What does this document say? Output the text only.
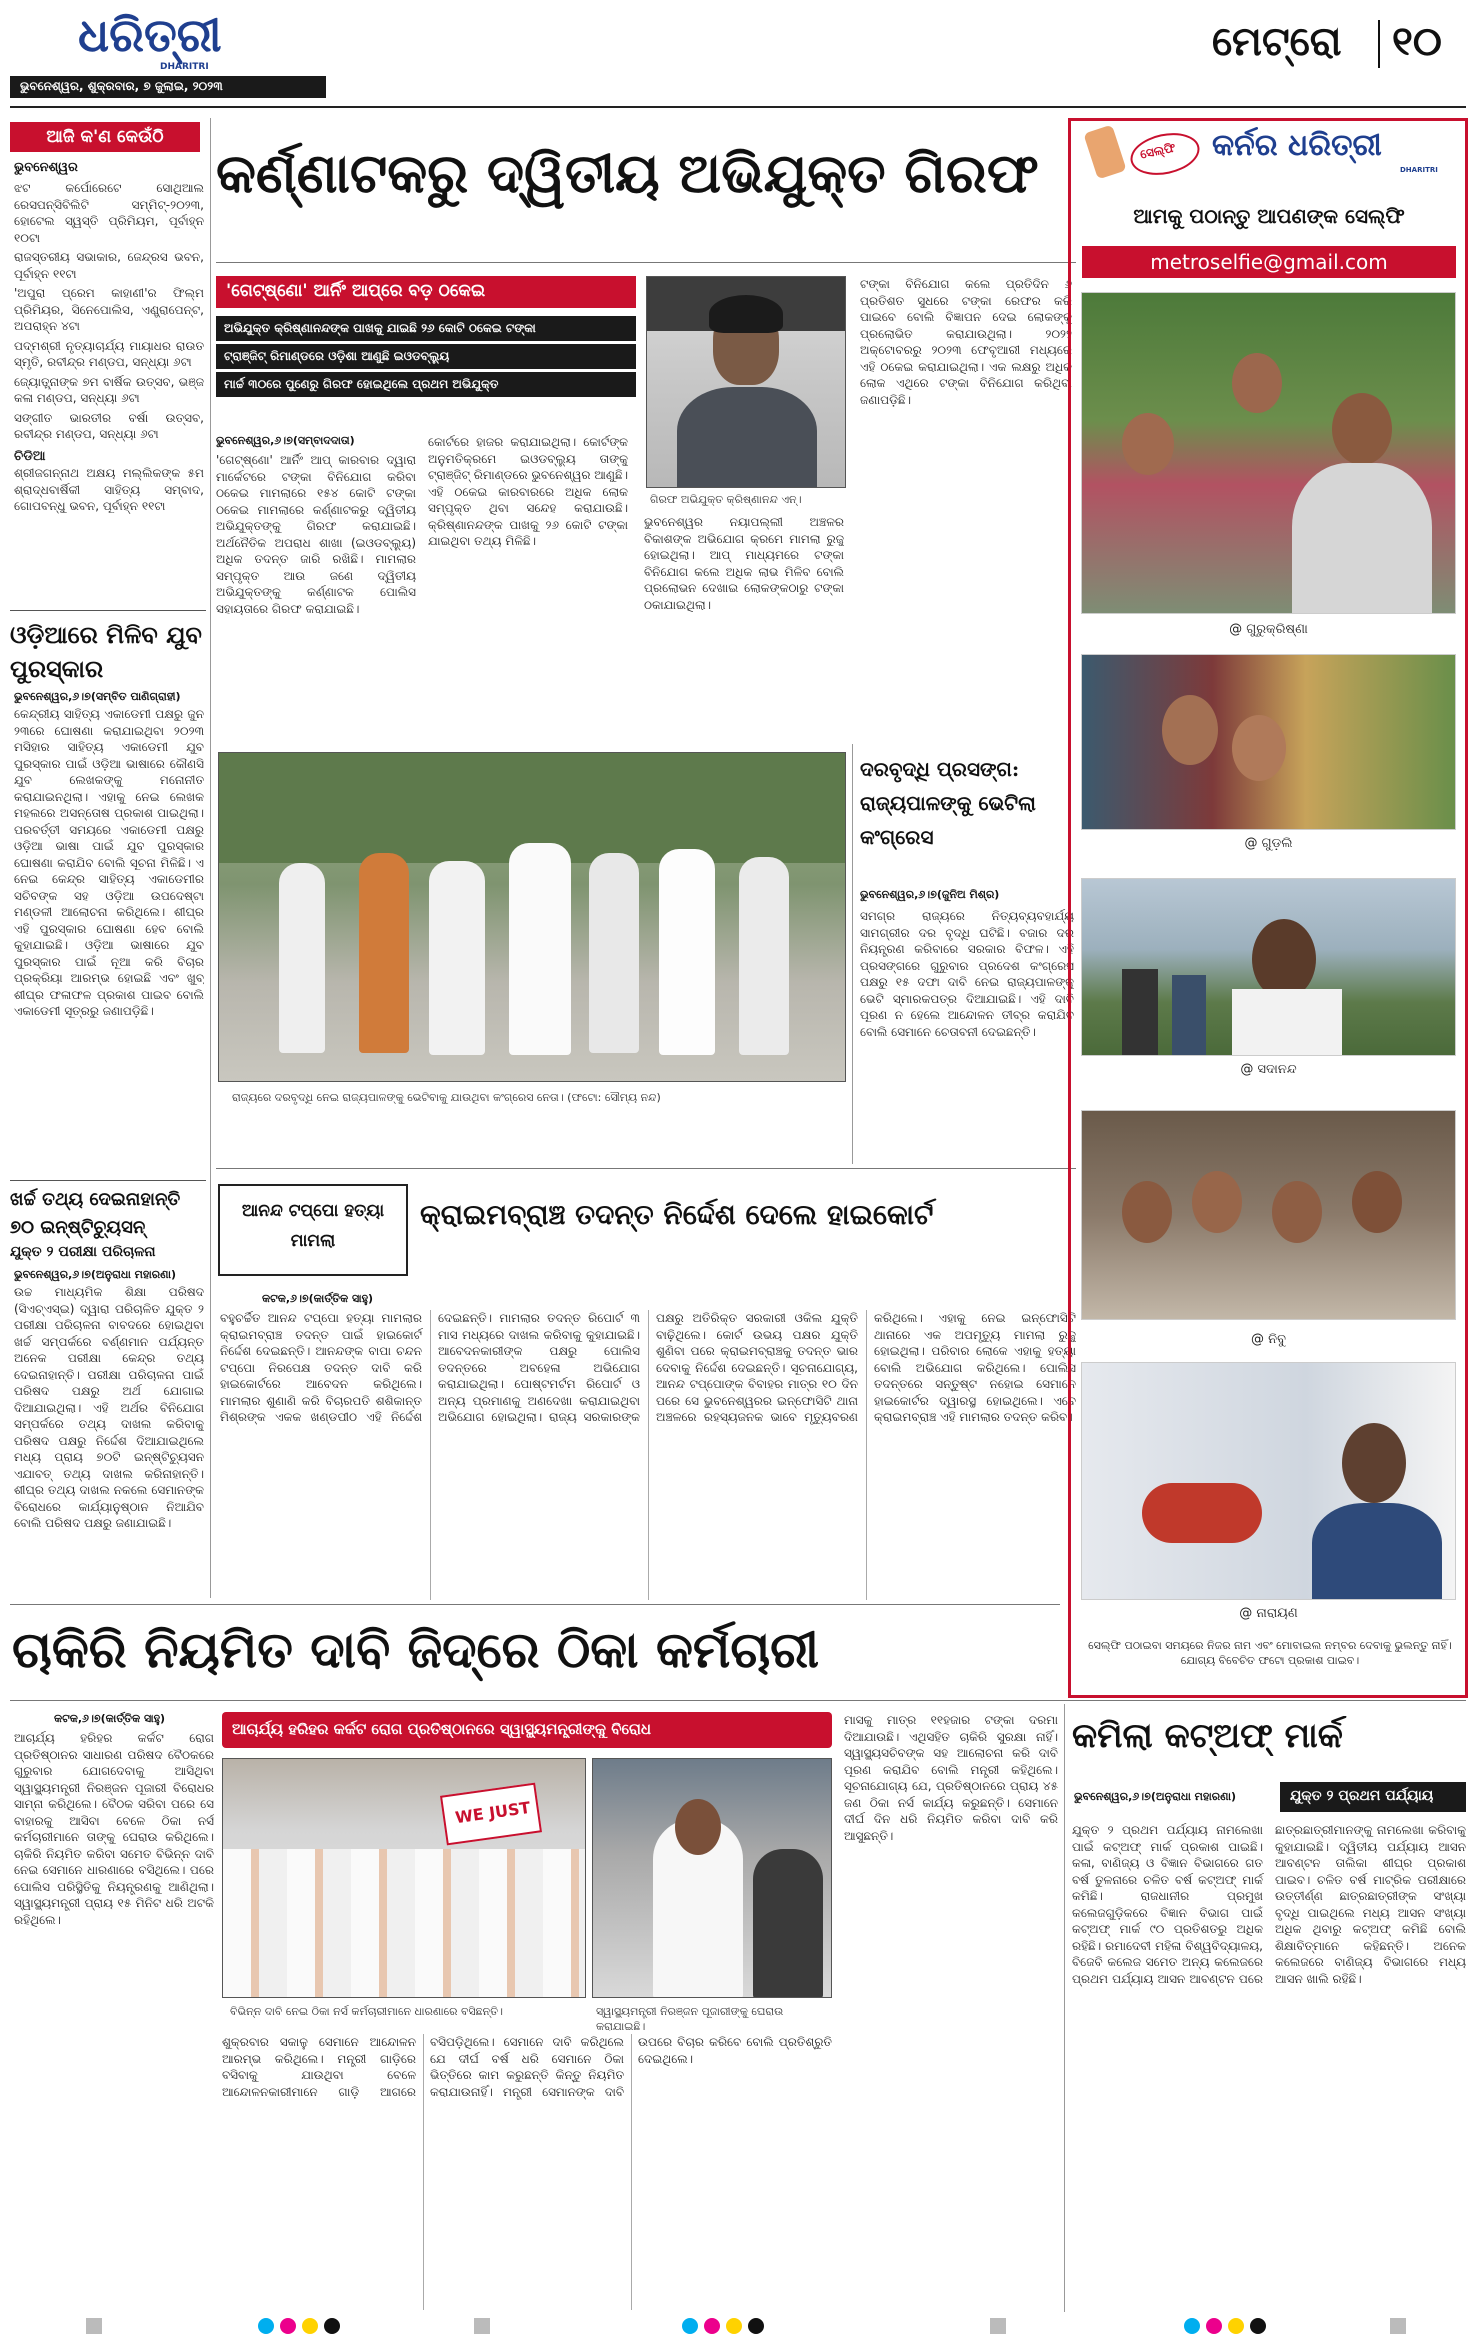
ଧରିତ୍ରୀ
DHARITRI
ଭୁବନେଶ୍ୱର, ଶୁକ୍ରବାର, ୭ ଜୁଲାଇ, ୨୦୨୩
ମେଟ୍ରୋ ୧୦
ଆଜି କ'ଣ କେଉଁଠି
ଭୁବନେଶ୍ୱର
ଝଟ କର୍ପୋରେଟେ ସୋଥିଆଲ ରେସପନ୍ସିବିଲିଟି ସମ୍ମିଟ୍‌-୨୦୨୩, ହୋଟେଲ ସ୍ୱସ୍ତି ପ୍ରିମିୟମ, ପୂର୍ବାହ୍ନ ୧୦ଟା
ରାଜସ୍ତରୀୟ ସଭାକାର, ଜେନ୍ଦ୍ରସ ଭବନ, ପୂର୍ବାହ୍ନ ୧୧ଟା
'ଅପୁରା ପ୍ରେମ କାହାଣୀ'ର ଫିଲ୍ମ ପ୍ରିମିୟର, ସିନେପୋଲିସ, ଏଣ୍ଡ୍ରାପେନ୍ଟ, ଅପରାହ୍ନ ୪ଟା
ପଦ୍ମଶ୍ରୀ ନୃତ୍ୟାଚାର୍ଯ୍ୟ ମାୟାଧର ରାଉତ ସ୍ମୃତି, ରବୀନ୍ଦ୍ର ମଣ୍ଡପ, ସନ୍ଧ୍ୟା ୬ଟା
ଜ୍ୟୋତ୍ସ୍ନାଙ୍କ ୭ମ ବାର୍ଷିକ ଉତ୍ସବ, ଭଞ୍ଜ କଳା ମଣ୍ଡପ, ସନ୍ଧ୍ୟା ୬ଟା
ସଙ୍ଗୀତ ଭାରତୀର ବର୍ଷା ଉତ୍ସବ, ରବୀନ୍ଦ୍ର ମଣ୍ଡପ, ସନ୍ଧ୍ୟା ୬ଟା
ଚିଡିଆ
ଶ୍ରୀଜଗନ୍ନାଥ ଅକ୍ଷୟ ମଲ୍ଲିକଙ୍କ ୫ମ ଶ୍ରାଦ୍ଧବାର୍ଷିକୀ ସାହିତ୍ୟ ସମ୍ବାଦ, ଗୋପବନ୍ଧୁ ଭବନ, ପୂର୍ବାହ୍ନ ୧୧ଟା
ଓଡ଼ିଆରେ ମିଳିବ ଯୁବ ପୁରସ୍କାର
ଭୁବନେଶ୍ୱର,୬।୭(ସମ୍ବିତ ପାଣିଗ୍ରାହୀ)
କେନ୍ଦ୍ରୀୟ ସାହିତ୍ୟ ଏକାଡେମୀ ପକ୍ଷରୁ ଜୁନ ୨୩ରେ ଘୋଷଣା କରାଯାଇଥିବା ୨୦୨୩ ମସିହାର ସାହିତ୍ୟ ଏକାଡେମୀ ଯୁବ ପୁରସ୍କାର ପାଇଁ ଓଡ଼ିଆ ଭାଷାରେ କୌଣସି ଯୁବ ଲେଖକଙ୍କୁ ମନୋନୀତ କରାଯାଇନଥିଲା। ଏହାକୁ ନେଇ ଲେଖକ ମହଲରେ ଅସନ୍ତୋଷ ପ୍ରକାଶ ପାଇଥିଲା। ପରବର୍ତ୍ତୀ ସମୟରେ ଏକାଡେମୀ ପକ୍ଷରୁ ଓଡ଼ିଆ ଭାଷା ପାଇଁ ଯୁବ ପୁରସ୍କାର ଘୋଷଣା କରାଯିବ ବୋଲି ସୂଚନା ମିଳିଛି। ଏ ନେଇ କେନ୍ଦ୍ର ସାହିତ୍ୟ ଏକାଡେମୀର ସଚିବଙ୍କ ସହ ଓଡ଼ିଆ ଉପଦେଷ୍ଟା ମଣ୍ଡଳୀ ଆଲୋଚନା କରିଥିଲେ। ଶୀଘ୍ର ଏହି ପୁରସ୍କାର ଘୋଷଣା ହେବ ବୋଲି କୁହାଯାଇଛି। ଓଡ଼ିଆ ଭାଷାରେ ଯୁବ ପୁରସ୍କାର ପାଇଁ ନୂଆ କରି ବିଚାର ପ୍ରକ୍ରିୟା ଆରମ୍ଭ ହୋଇଛି ଏବଂ ଖୁବ୍ ଶୀଘ୍ର ଫଳାଫଳ ପ୍ରକାଶ ପାଇବ ବୋଲି ଏକାଡେମୀ ସୂତ୍ରରୁ ଜଣାପଡ଼ିଛି।
ଖର୍ଚ୍ଚ ତଥ୍ୟ ଦେଇନାହାନ୍ତି ୭୦ ଇନ୍‌ଷ୍ଟିଚ୍ୟୁସନ୍
ଯୁକ୍ତ ୨ ପରୀକ୍ଷା ପରିଚାଳନା
ଭୁବନେଶ୍ୱର,୬।୭(ଅନୁରାଧା ମହାରଣା)
ଉଚ୍ଚ ମାଧ୍ୟମିକ ଶିକ୍ଷା ପରିଷଦ (ସିଏଚ୍‌ଏସ୍‌ଇ) ଦ୍ୱାରା ପରିଚାଳିତ ଯୁକ୍ତ ୨ ପରୀକ୍ଷା ପରିଚାଳନା ବାବଦରେ ହୋଇଥିବା ଖର୍ଚ୍ଚ ସମ୍ପର୍କରେ ବର୍ଣ୍ଣମାନ ପର୍ଯ୍ୟନ୍ତ ଅନେକ ପରୀକ୍ଷା କେନ୍ଦ୍ର ତଥ୍ୟ ଦେଇନାହାନ୍ତି। ପରୀକ୍ଷା ପରିଚାଳନା ପାଇଁ ପରିଷଦ ପକ୍ଷରୁ ଅର୍ଥ ଯୋଗାଇ ଦିଆଯାଇଥିଲା। ଏହି ଅର୍ଥର ବିନିଯୋଗ ସମ୍ପର୍କରେ ତଥ୍ୟ ଦାଖଲ କରିବାକୁ ପରିଷଦ ପକ୍ଷରୁ ନିର୍ଦ୍ଦେଶ ଦିଆଯାଇଥିଲେ ମଧ୍ୟ ପ୍ରାୟ ୭୦ଟି ଇନ୍‌ଷ୍ଟିଚ୍ୟୁସନ ଏଯାବତ୍ ତଥ୍ୟ ଦାଖଲ କରିନାହାନ୍ତି। ଶୀଘ୍ର ତଥ୍ୟ ଦାଖଲ ନକଲେ ସେମାନଙ୍କ ବିରୋଧରେ କାର୍ଯ୍ୟାନୁଷ୍ଠାନ ନିଆଯିବ ବୋଲି ପରିଷଦ ପକ୍ଷରୁ ଜଣାଯାଇଛି।
କର୍ଣ୍ଣାଟକରୁ ଦ୍ୱିତୀୟ ଅଭିଯୁକ୍ତ ଗିରଫ
'ଗେଟ୍‌ଷ୍ଣୋ' ଆର୍ନିଂ ଆପ୍‌ରେ ବଡ଼ ଠକେଇ
ଅଭିଯୁକ୍ତ କ୍ରିଷ୍ଣାନନ୍ଦଙ୍କ ପାଖକୁ ଯାଇଛି ୨୬ କୋଟି ଠକେଇ ଟଙ୍କା
ଟ୍ରାଞ୍ଜିଟ୍ ରିମାଣ୍ଡରେ ଓଡ଼ିଶା ଆଣୁଛି ଇଓଡବ୍ଲ୍ୟୁ
ମାର୍ଚ୍ଚ ୩୦ରେ ପୁଣେରୁ ଗିରଫ ହୋଇଥିଲେ ପ୍ରଥମ ଅଭିଯୁକ୍ତ
ଭୁବନେଶ୍ୱର,୬।୭(ସମ୍ବାଦଦାତା)
'ଗେଟ୍‌ଷ୍ଣୋ' ଆର୍ନିଂ ଆପ୍ କାରବାର ଦ୍ୱାରା ମାର୍କେଟରେ ଟଙ୍କା ବିନିଯୋଗ କରିବା ଠକେଇ ମାମଲାରେ ୧୫୪ କୋଟି ଟଙ୍କା ଠକେଇ ମାମଲାରେ କର୍ଣ୍ଣାଟକରୁ ଦ୍ୱିତୀୟ ଅଭିଯୁକ୍ତଙ୍କୁ ଗିରଫ କରାଯାଇଛି। ଅର୍ଥନୈତିକ ଅପରାଧ ଶାଖା (ଇଓଡବ୍ଲ୍ୟୁ) ଅଧିକ ତଦନ୍ତ ଜାରି ରଖିଛି। ମାମଲାର ସମ୍ପୃକ୍ତ ଆଉ ଜଣେ ଦ୍ୱିତୀୟ ଅଭିଯୁକ୍ତଙ୍କୁ କର୍ଣ୍ଣାଟକ ପୋଲିସ ସହାୟତାରେ ଗିରଫ କରାଯାଇଛି।
କୋର୍ଟରେ ହାଜର କରାଯାଇଥିଲା। କୋର୍ଟଙ୍କ ଅନୁମତିକ୍ରମେ ଇଓଡବ୍ଲ୍ୟୁ ତାଙ୍କୁ ଟ୍ରାଞ୍ଜିଟ୍ ରିମାଣ୍ଡରେ ଭୁବନେଶ୍ୱର ଆଣୁଛି। ଏହି ଠକେଇ କାରବାରରେ ଅଧିକ ଲୋକ ସମ୍ପୃକ୍ତ ଥିବା ସନ୍ଦେହ କରାଯାଉଛି। କ୍ରିଷ୍ଣାନନ୍ଦଙ୍କ ପାଖକୁ ୨୬ କୋଟି ଟଙ୍କା ଯାଇଥିବା ତଥ୍ୟ ମିଳିଛି।
ଗିରଫ ଅଭିଯୁକ୍ତ କ୍ରିଷ୍ଣାନନ୍ଦ ଏନ୍।
ଭୁବନେଶ୍ୱର ନୟାପଲ୍ଲୀ ଅଞ୍ଚଳର ବିକାଶଙ୍କ ଅଭିଯୋଗ କ୍ରମେ ମାମଲା ରୁଜୁ ହୋଇଥିଲା। ଆପ୍ ମାଧ୍ୟମରେ ଟଙ୍କା ବିନିଯୋଗ କଲେ ଅଧିକ ଲାଭ ମିଳିବ ବୋଲି ପ୍ରଲୋଭନ ଦେଖାଇ ଲୋକଙ୍କଠାରୁ ଟଙ୍କା ଠକାଯାଇଥିଲା।
ଟଙ୍କା ବିନିଯୋଗ କଲେ ପ୍ରତିଦିନ ୬ ପ୍ରତିଶତ ସୁଧରେ ଟଙ୍କା ରେଫର କରି ପାଇବେ ବୋଲି ବିଜ୍ଞାପନ ଦେଇ ଲୋକଙ୍କୁ ପ୍ରଲୋଭିତ କରାଯାଉଥିଲା। ୨୦୨୨ ଅକ୍ଟୋବରରୁ ୨୦୨୩ ଫେବୃଆରୀ ମଧ୍ୟରେ ଏହି ଠକେଇ କରାଯାଇଥିଲା। ଏକ ଲକ୍ଷରୁ ଅଧିକ ଲୋକ ଏଥିରେ ଟଙ୍କା ବିନିଯୋଗ କରିଥିବା ଜଣାପଡ଼ିଛି।
ରାଜ୍ୟରେ ଦରବୃଦ୍ଧି ନେଇ ରାଜ୍ୟପାଳଙ୍କୁ ଭେଟିବାକୁ ଯାଉଥିବା କଂଗ୍ରେସ ନେତା। (ଫଟୋ: ସୌମ୍ୟ ନନ୍ଦ)
ଦରବୃଦ୍ଧି ପ୍ରସଙ୍ଗ: ରାଜ୍ୟପାଳଙ୍କୁ ଭେଟିଲା କଂଗ୍ରେସ
ଭୁବନେଶ୍ୱର,୬।୭(ଜୁନିଅ ମିଶ୍ର)
ସମଗ୍ର ରାଜ୍ୟରେ ନିତ୍ୟବ୍ୟବହାର୍ଯ୍ୟ ସାମଗ୍ରୀର ଦର ବୃଦ୍ଧି ଘଟିଛି। ବଜାର ଦର ନିୟନ୍ତ୍ରଣ କରିବାରେ ସରକାର ବିଫଳ। ଏହି ପ୍ରସଙ୍ଗରେ ଗୁରୁବାର ପ୍ରଦେଶ କଂଗ୍ରେସ ପକ୍ଷରୁ ୧୫ ଦଫା ଦାବି ନେଇ ରାଜ୍ୟପାଳଙ୍କୁ ଭେଟି ସ୍ମାରକପତ୍ର ଦିଆଯାଇଛି। ଏହି ଦାବି ପୂରଣ ନ ହେଲେ ଆନ୍ଦୋଳନ ତୀବ୍ର କରାଯିବ ବୋଲି ସେମାନେ ଚେତାବନୀ ଦେଇଛନ୍ତି।
ଆନନ୍ଦ ଟପ୍ପୋ ହତ୍ୟା ମାମଲା
କ୍ରାଇମବ୍ରାଞ୍ଚ ତଦନ୍ତ ନିର୍ଦ୍ଦେଶ ଦେଲେ ହାଇକୋର୍ଟ
କଟକ,୬।୭(କାର୍ତ୍ତିକ ସାହୁ)
ବହୁଚର୍ଚ୍ଚିତ ଆନନ୍ଦ ଟପ୍ପୋ ହତ୍ୟା ମାମଲାର କ୍ରାଇମବ୍ରାଞ୍ଚ ତଦନ୍ତ ପାଇଁ ହାଇକୋର୍ଟ ନିର୍ଦ୍ଦେଶ ଦେଇଛନ୍ତି। ଆନନ୍ଦଙ୍କ ବାପା ଚନ୍ଦନ ଟପ୍ପୋ ନିରପେକ୍ଷ ତଦନ୍ତ ଦାବି କରି ହାଇକୋର୍ଟରେ ଆବେଦନ କରିଥିଲେ। ମାମଲାର ଶୁଣାଣି କରି ବିଚାରପତି ଶଶିକାନ୍ତ ମିଶ୍ରଙ୍କ ଏକକ ଖଣ୍ଡପୀଠ ଏହି ନିର୍ଦ୍ଦେଶ ଦେଇଛନ୍ତି। ମାମଲାର ତଦନ୍ତ ରିପୋର୍ଟ ୩ ମାସ ମଧ୍ୟରେ ଦାଖଲ କରିବାକୁ କୁହାଯାଇଛି। ଆବେଦନକାରୀଙ୍କ ପକ୍ଷରୁ ପୋଲିସ ତଦନ୍ତରେ ଅବହେଳା ଅଭିଯୋଗ କରାଯାଇଥିଲା। ପୋଷ୍ଟମର୍ଟମ ରିପୋର୍ଟ ଓ ଅନ୍ୟ ପ୍ରମାଣକୁ ଅଣଦେଖା କରାଯାଇଥିବା ଅଭିଯୋଗ ହୋଇଥିଲା। ରାଜ୍ୟ ସରକାରଙ୍କ ପକ୍ଷରୁ ଅତିରିକ୍ତ ସରକାରୀ ଓକିଲ ଯୁକ୍ତି ବାଢ଼ିଥିଲେ। କୋର୍ଟ ଉଭୟ ପକ୍ଷର ଯୁକ୍ତି ଶୁଣିବା ପରେ କ୍ରାଇମବ୍ରାଞ୍ଚକୁ ତଦନ୍ତ ଭାର ଦେବାକୁ ନିର୍ଦ୍ଦେଶ ଦେଇଛନ୍ତି। ସୂଚନାଯୋଗ୍ୟ, ଆନନ୍ଦ ଟପ୍ପୋଙ୍କ ବିବାହର ମାତ୍ର ୧୦ ଦିନ ପରେ ସେ ଭୁବନେଶ୍ୱରର ଇନ୍‌ଫୋସିଟି ଥାନା ଅଞ୍ଚଳରେ ରହସ୍ୟଜନକ ଭାବେ ମୃତ୍ୟୁବରଣ କରିଥିଲେ। ଏହାକୁ ନେଇ ଇନ୍‌ଫୋସିଟି ଥାନାରେ ଏକ ଅପମୃତ୍ୟୁ ମାମଲା ରୁଜୁ ହୋଇଥିଲା। ପରିବାର ଲୋକେ ଏହାକୁ ହତ୍ୟା ବୋଲି ଅଭିଯୋଗ କରିଥିଲେ। ପୋଲିସ ତଦନ୍ତରେ ସନ୍ତୁଷ୍ଟ ନହୋଇ ସେମାନେ ହାଇକୋର୍ଟର ଦ୍ୱାରସ୍ଥ ହୋଇଥିଲେ। ଏବେ କ୍ରାଇମବ୍ରାଞ୍ଚ ଏହି ମାମଲାର ତଦନ୍ତ କରିବ।
ସେଲ୍‌ଫି କର୍ନର ଧରିତ୍ରୀ
DHARITRI
ଆମକୁ ପଠାନ୍ତୁ ଆପଣଙ୍କ ସେଲ୍‌ଫି
metroselfie@gmail.com
@ ଗୁରୁକ୍ରିଷ୍ଣା
@ ଗୁଡ଼ଲି
@ ସଦାନନ୍ଦ
@ ନିବୁ
@ ନାରାୟଣ
ସେଲ୍‌ଫି ପଠାଇବା ସମୟରେ ନିଜର ନାମ ଏବଂ ମୋବାଇଲ ନମ୍ବର ଦେବାକୁ ଭୁଲନ୍ତୁ ନାହିଁ। ଯୋଗ୍ୟ ବିବେଚିତ ଫଟୋ ପ୍ରକାଶ ପାଇବ।
ଚାକିରି ନିୟମିତ ଦାବି ଜିଦ୍‌ରେ ଠିକା କର୍ମଚାରୀ
କଟକ,୬।୭(କାର୍ତ୍ତିକ ସାହୁ)
ଆଚାର୍ଯ୍ୟ ହରିହର କର୍କଟ ରୋଗ ପ୍ରତିଷ୍ଠାନର ସାଧାରଣ ପରିଷଦ ବୈଠକରେ ଗୁରୁବାର ଯୋଗଦେବାକୁ ଆସିଥିବା ସ୍ୱାସ୍ଥ୍ୟମନ୍ତ୍ରୀ ନିରଞ୍ଜନ ପୂଜାରୀ ବିରୋଧର ସାମ୍ନା କରିଥିଲେ। ବୈଠକ ସରିବା ପରେ ସେ ବାହାରକୁ ଆସିବା ବେଳେ ଠିକା ନର୍ସ କର୍ମଚାରୀମାନେ ତାଙ୍କୁ ଘେରାଉ କରିଥିଲେ। ଚାକିରି ନିୟମିତ କରିବା ସମେତ ବିଭିନ୍ନ ଦାବି ନେଇ ସେମାନେ ଧାରଣାରେ ବସିଥିଲେ। ପରେ ପୋଲିସ ପରିସ୍ଥିତିକୁ ନିୟନ୍ତ୍ରଣକୁ ଆଣିଥିଲା। ସ୍ୱାସ୍ଥ୍ୟମନ୍ତ୍ରୀ ପ୍ରାୟ ୧୫ ମିନିଟ ଧରି ଅଟକି ରହିଥିଲେ।
ଆଚାର୍ଯ୍ୟ ହରିହର କର୍କଟ ରୋଗ ପ୍ରତିଷ୍ଠାନରେ ସ୍ୱାସ୍ଥ୍ୟମନ୍ତ୍ରୀଙ୍କୁ ବିରୋଧ
WE JUST
ବିଭିନ୍ନ ଦାବି ନେଇ ଠିକା ନର୍ସ କର୍ମଚାରୀମାନେ ଧାରଣାରେ ବସିଛନ୍ତି।	ସ୍ୱାସ୍ଥ୍ୟମନ୍ତ୍ରୀ ନିରଞ୍ଜନ ପୂଜାରୀଙ୍କୁ ଘେରାଉ କରାଯାଇଛି।
ଶୁକ୍ରବାର ସକାଳୁ ସେମାନେ ଆନ୍ଦୋଳନ ଆରମ୍ଭ କରିଥିଲେ। ମନ୍ତ୍ରୀ ଗାଡ଼ିରେ ବସିବାକୁ ଯାଉଥିବା ବେଳେ ଆନ୍ଦୋଳନକାରୀମାନେ ଗାଡ଼ି ଆଗରେ ବସିପଡ଼ିଥିଲେ। ସେମାନେ ଦାବି କରିଥିଲେ ଯେ ଦୀର୍ଘ ବର୍ଷ ଧରି ସେମାନେ ଠିକା ଭିତ୍ତିରେ କାମ କରୁଛନ୍ତି କିନ୍ତୁ ନିୟମିତ କରାଯାଉନାହିଁ। ମନ୍ତ୍ରୀ ସେମାନଙ୍କ ଦାବି ଉପରେ ବିଚାର କରିବେ ବୋଲି ପ୍ରତିଶ୍ରୁତି ଦେଇଥିଲେ।
ମାସକୁ ମାତ୍ର ୧୧ହଜାର ଟଙ୍କା ଦରମା ଦିଆଯାଉଛି। ଏଥିସହିତ ଚାକିରି ସୁରକ୍ଷା ନାହିଁ। ସ୍ୱାସ୍ଥ୍ୟସଚିବଙ୍କ ସହ ଆଲୋଚନା କରି ଦାବି ପୂରଣ କରାଯିବ ବୋଲି ମନ୍ତ୍ରୀ କହିଥିଲେ। ସୂଚନାଯୋଗ୍ୟ ଯେ, ପ୍ରତିଷ୍ଠାନରେ ପ୍ରାୟ ୪୫ ଜଣ ଠିକା ନର୍ସ କାର୍ଯ୍ୟ କରୁଛନ୍ତି। ସେମାନେ ଦୀର୍ଘ ଦିନ ଧରି ନିୟମିତ କରିବା ଦାବି କରି ଆସୁଛନ୍ତି।
କମିଲା କଟ୍‌ଅଫ୍ ମାର୍କ
ଭୁବନେଶ୍ୱର,୬।୭(ଅନୁରାଧା ମହାରଣା)	ଯୁକ୍ତ ୨ ପ୍ରଥମ ପର୍ଯ୍ୟାୟ
ଯୁକ୍ତ ୨ ପ୍ରଥମ ପର୍ଯ୍ୟାୟ ନାମଲେଖା ପାଇଁ କଟ୍‌ଅଫ୍ ମାର୍କ ପ୍ରକାଶ ପାଇଛି। କଳା, ବାଣିଜ୍ୟ ଓ ବିଜ୍ଞାନ ବିଭାଗରେ ଗତ ବର୍ଷ ତୁଳନାରେ ଚଳିତ ବର୍ଷ କଟ୍‌ଅଫ୍ ମାର୍କ କମିଛି। ରାଜଧାନୀର ପ୍ରମୁଖ କଲେଜଗୁଡ଼ିକରେ ବିଜ୍ଞାନ ବିଭାଗ ପାଇଁ କଟ୍‌ଅଫ୍ ମାର୍କ ୯୦ ପ୍ରତିଶତରୁ ଅଧିକ ରହିଛି। ରମାଦେବୀ ମହିଳା ବିଶ୍ୱବିଦ୍ୟାଳୟ, ବିଜେବି କଲେଜ ସମେତ ଅନ୍ୟ କଲେଜରେ ପ୍ରଥମ ପର୍ଯ୍ୟାୟ ଆସନ ଆବଣ୍ଟନ ପରେ ଛାତ୍ରଛାତ୍ରୀମାନଙ୍କୁ ନାମଲେଖା କରିବାକୁ କୁହାଯାଇଛି। ଦ୍ୱିତୀୟ ପର୍ଯ୍ୟାୟ ଆସନ ଆବଣ୍ଟନ ତାଲିକା ଶୀଘ୍ର ପ୍ରକାଶ ପାଇବ। ଚଳିତ ବର୍ଷ ମାଟ୍ରିକ ପରୀକ୍ଷାରେ ଉତ୍ତୀର୍ଣ୍ଣ ଛାତ୍ରଛାତ୍ରୀଙ୍କ ସଂଖ୍ୟା ବୃଦ୍ଧି ପାଇଥିଲେ ମଧ୍ୟ ଆସନ ସଂଖ୍ୟା ଅଧିକ ଥିବାରୁ କଟ୍‌ଅଫ୍ କମିଛି ବୋଲି ଶିକ୍ଷାବିତ୍‌ମାନେ କହିଛନ୍ତି। ଅନେକ କଲେଜରେ ବାଣିଜ୍ୟ ବିଭାଗରେ ମଧ୍ୟ ଆସନ ଖାଲି ରହିଛି।
